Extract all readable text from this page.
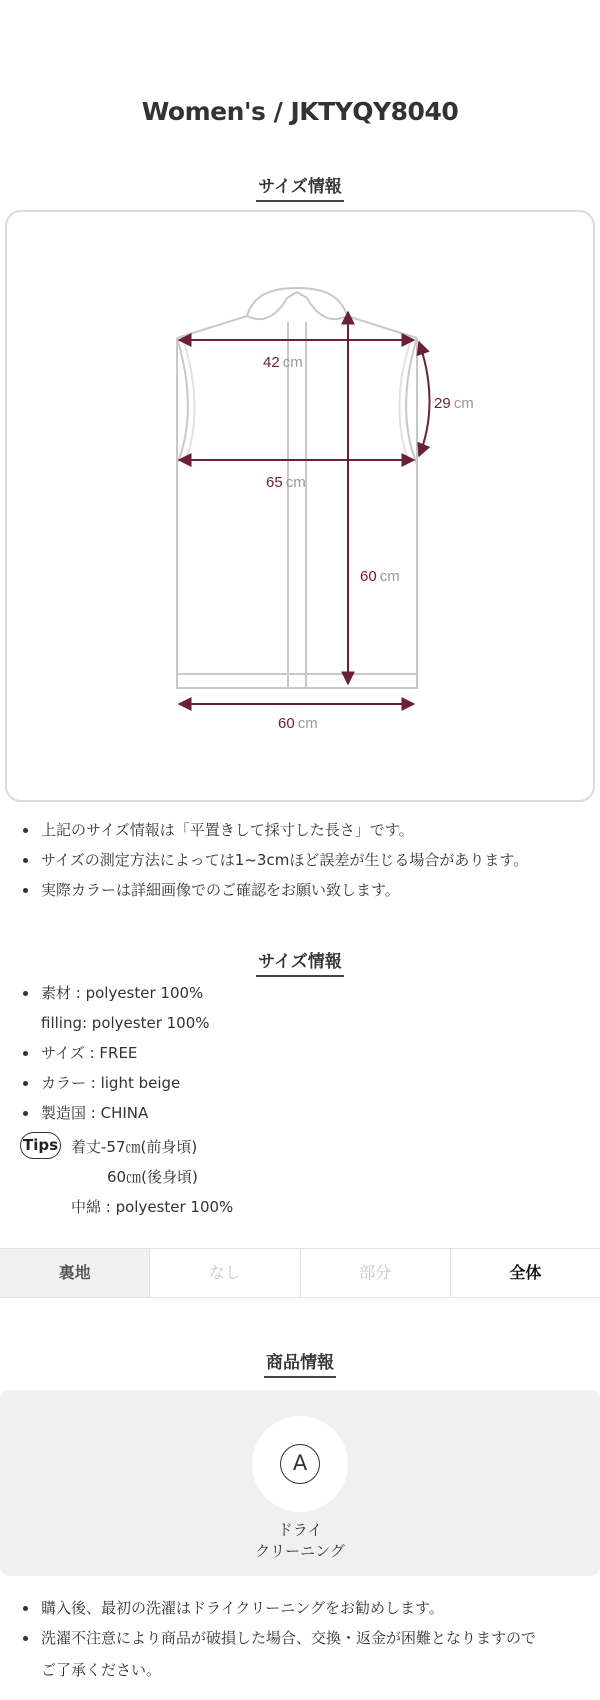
Women's / JKTYQY8040
サイズ情報
42 cm
29 cm
65 cm
60 cm
60 cm
上記のサイズ情報は「平置きして採寸した長さ」です。
サイズの測定方法によっては1~3cmほど誤差が生じる場合があります。
実際カラーは詳細画像でのご確認をお願い致します。
サイズ情報
素材 : polyester 100%
filling: polyester 100%
サイズ : FREE
カラー : light beige
製造国 : CHINA
Tips 着丈-57㎝(前身頃)
60㎝(後身頃)
中綿 : polyester 100%
裏地	なし	部分	全体
商品情報
A
ドライ
クリーニング
購入後、最初の洗濯はドライクリーニングをお勧めします。
洗濯不注意により商品が破損した場合、交換・返金が困難となりますので
ご了承ください。
